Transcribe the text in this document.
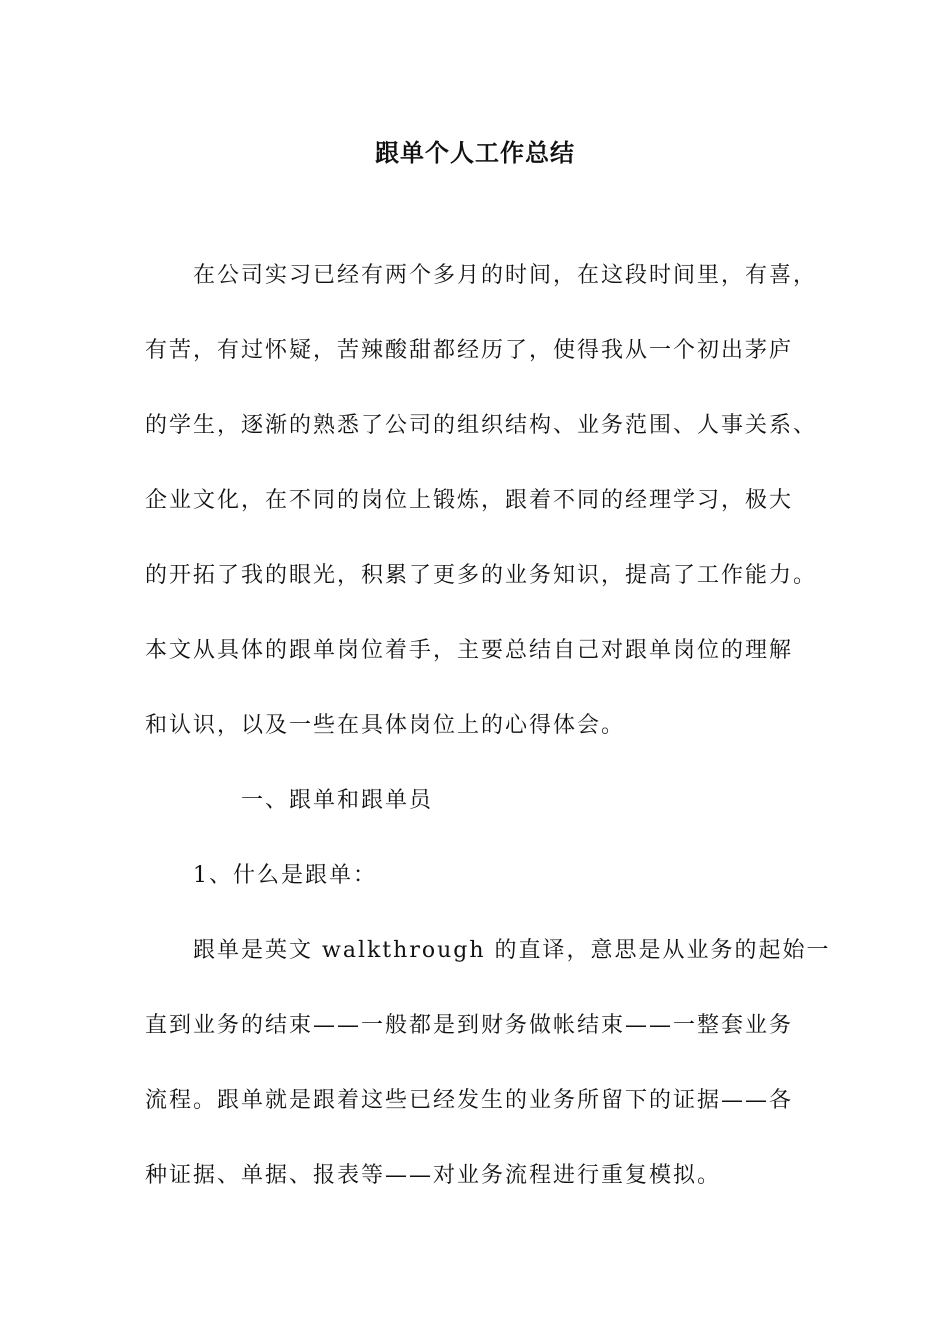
跟单个人工作总结
在公司实习已经有两个多月的时间，在这段时间里，有喜，
有苦，有过怀疑，苦辣酸甜都经历了，使得我从一个初出茅庐
的学生，逐渐的熟悉了公司的组织结构、业务范围、人事关系、
企业文化，在不同的岗位上锻炼，跟着不同的经理学习，极大
的开拓了我的眼光，积累了更多的业务知识，提高了工作能力。
本文从具体的跟单岗位着手，主要总结自己对跟单岗位的理解
和认识，以及一些在具体岗位上的心得体会。
一、跟单和跟单员
1、什么是跟单：
跟单是英文 walkthrough 的直译，意思是从业务的起始一
直到业务的结束——一般都是到财务做帐结束——一整套业务
流程。跟单就是跟着这些已经发生的业务所留下的证据——各
种证据、单据、报表等——对业务流程进行重复模拟。
